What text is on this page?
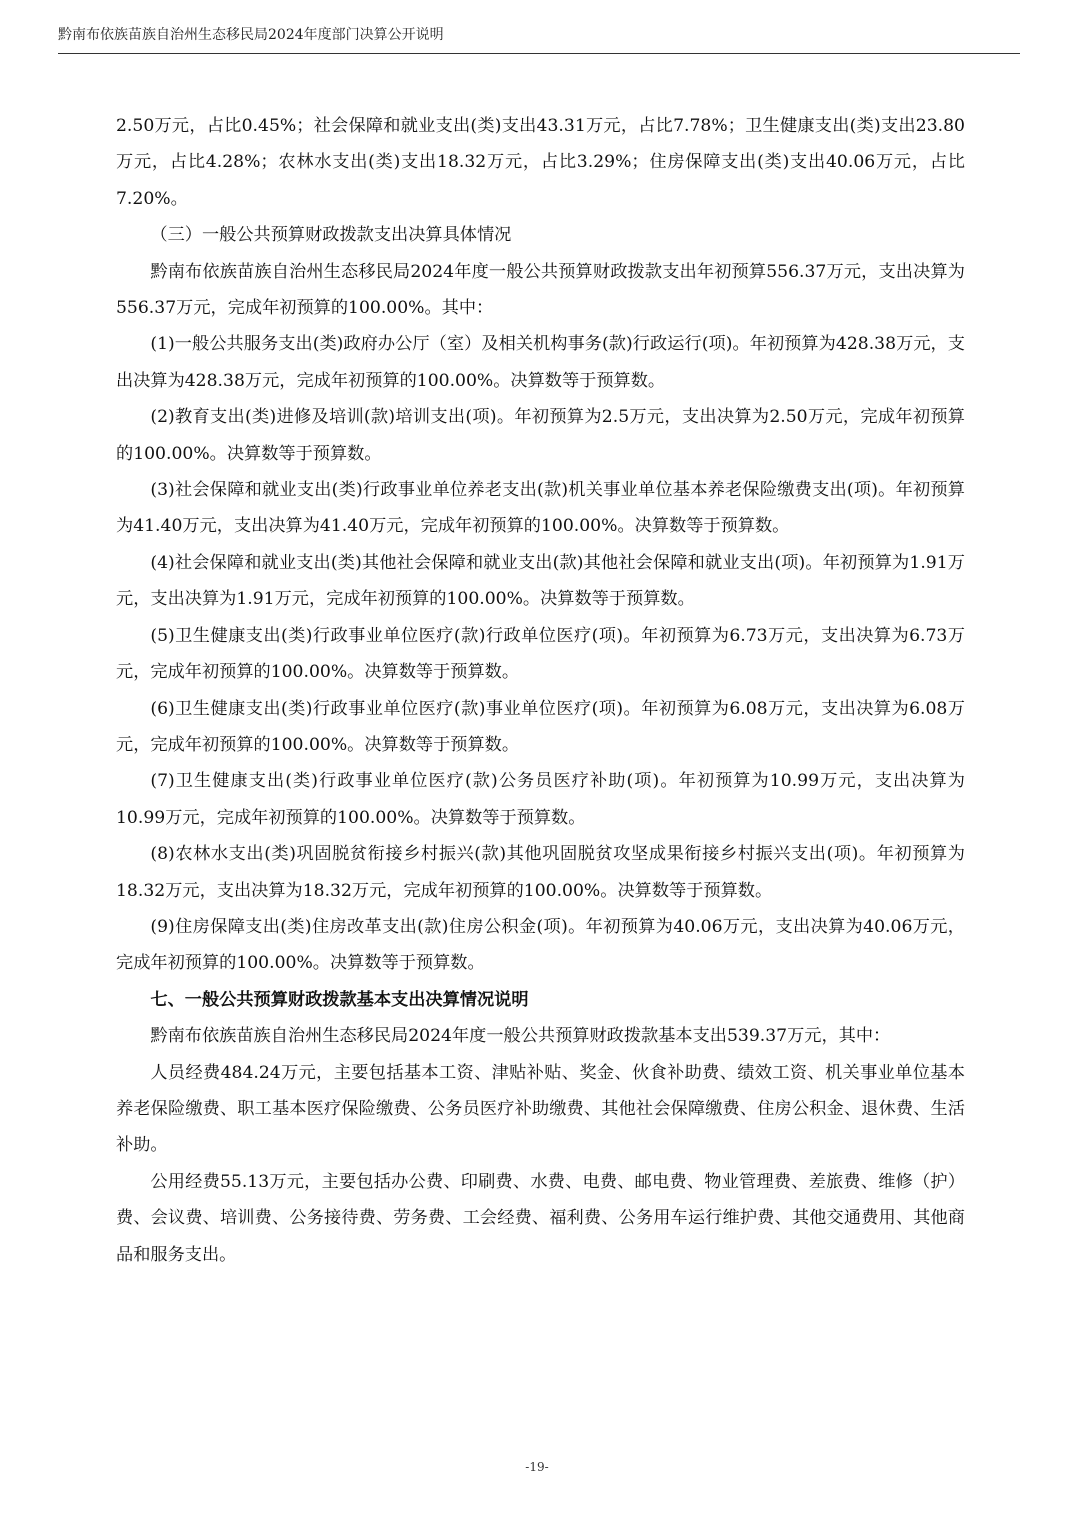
黔南布依族苗族自治州生态移民局2024年度部门决算公开说明

2.50万元，占比0.45%；社会保障和就业支出(类)支出43.31万元，占比7.78%；卫生健康支出(类)支出23.80万元，占比4.28%；农林水支出(类)支出18.32万元，占比3.29%；住房保障支出(类)支出40.06万元，占比7.20%。

（三）一般公共预算财政拨款支出决算具体情况

黔南布依族苗族自治州生态移民局2024年度一般公共预算财政拨款支出年初预算556.37万元，支出决算为556.37万元，完成年初预算的100.00%。其中：

(1)一般公共服务支出(类)政府办公厅（室）及相关机构事务(款)行政运行(项)。年初预算为428.38万元，支出决算为428.38万元，完成年初预算的100.00%。决算数等于预算数。

(2)教育支出(类)进修及培训(款)培训支出(项)。年初预算为2.5万元，支出决算为2.50万元，完成年初预算的100.00%。决算数等于预算数。

(3)社会保障和就业支出(类)行政事业单位养老支出(款)机关事业单位基本养老保险缴费支出(项)。年初预算为41.40万元，支出决算为41.40万元，完成年初预算的100.00%。决算数等于预算数。

(4)社会保障和就业支出(类)其他社会保障和就业支出(款)其他社会保障和就业支出(项)。年初预算为1.91万元，支出决算为1.91万元，完成年初预算的100.00%。决算数等于预算数。

(5)卫生健康支出(类)行政事业单位医疗(款)行政单位医疗(项)。年初预算为6.73万元，支出决算为6.73万元，完成年初预算的100.00%。决算数等于预算数。

(6)卫生健康支出(类)行政事业单位医疗(款)事业单位医疗(项)。年初预算为6.08万元，支出决算为6.08万元，完成年初预算的100.00%。决算数等于预算数。

(7)卫生健康支出(类)行政事业单位医疗(款)公务员医疗补助(项)。年初预算为10.99万元，支出决算为10.99万元，完成年初预算的100.00%。决算数等于预算数。

(8)农林水支出(类)巩固脱贫衔接乡村振兴(款)其他巩固脱贫攻坚成果衔接乡村振兴支出(项)。年初预算为18.32万元，支出决算为18.32万元，完成年初预算的100.00%。决算数等于预算数。

(9)住房保障支出(类)住房改革支出(款)住房公积金(项)。年初预算为40.06万元，支出决算为40.06万元，完成年初预算的100.00%。决算数等于预算数。

七、一般公共预算财政拨款基本支出决算情况说明

黔南布依族苗族自治州生态移民局2024年度一般公共预算财政拨款基本支出539.37万元，其中：

人员经费484.24万元，主要包括基本工资、津贴补贴、奖金、伙食补助费、绩效工资、机关事业单位基本养老保险缴费、职工基本医疗保险缴费、公务员医疗补助缴费、其他社会保障缴费、住房公积金、退休费、生活补助。

公用经费55.13万元，主要包括办公费、印刷费、水费、电费、邮电费、物业管理费、差旅费、维修（护）费、会议费、培训费、公务接待费、劳务费、工会经费、福利费、公务用车运行维护费、其他交通费用、其他商品和服务支出。

-19-
